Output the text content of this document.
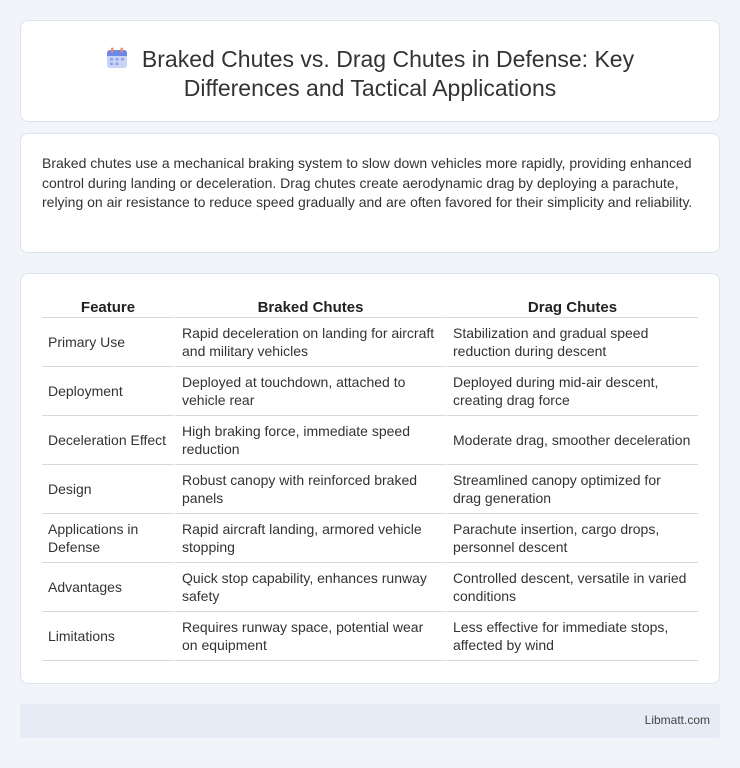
Braked Chutes vs. Drag Chutes in Defense: Key Differences and Tactical Applications

Braked chutes use a mechanical braking system to slow down vehicles more rapidly, providing enhanced control during landing or deceleration. Drag chutes create aerodynamic drag by deploying a parachute, relying on air resistance to reduce speed gradually and are often favored for their simplicity and reliability.

Feature	Braked Chutes	Drag Chutes
Primary Use	Rapid deceleration on landing for aircraft and military vehicles	Stabilization and gradual speed reduction during descent
Deployment	Deployed at touchdown, attached to vehicle rear	Deployed during mid-air descent, creating drag force
Deceleration Effect	High braking force, immediate speed reduction	Moderate drag, smoother deceleration
Design	Robust canopy with reinforced braked panels	Streamlined canopy optimized for drag generation
Applications in Defense	Rapid aircraft landing, armored vehicle stopping	Parachute insertion, cargo drops, personnel descent
Advantages	Quick stop capability, enhances runway safety	Controlled descent, versatile in varied conditions
Limitations	Requires runway space, potential wear on equipment	Less effective for immediate stops, affected by wind
Libmatt.com
